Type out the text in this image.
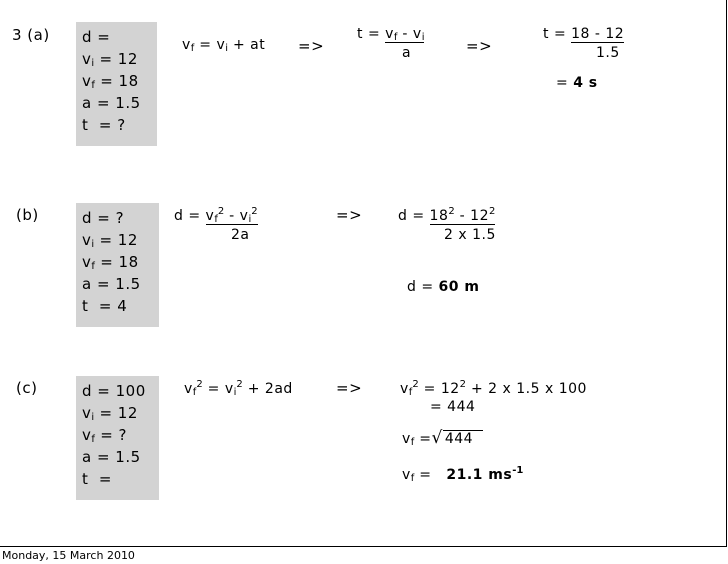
3 (a) d =
$v_i = 12$
$v_f = 18$
a = 1.5
t  = ?
$v_f = v_i$ + at =>
$t = v_f - v_i$
a	=>
t = 18 - 12
1.5
= 4 s
(b)	d = ?
$v_i = 12$
$v_f = 18$
a = 1.5
t  = 4
$d = v_f^2 - v_i^2$
2a
=>	$d = 18^2 - 12^2$
2 x 1.5
d = 60 m
(c)	d = 100
$v_i = 12$
$v_f$ = ?
a = 1.5
t  =
$v_f^2 = v_i^2 + 2ad$	=>	$v_f^2 = 12^2 + 2$ x 1.5 x 100
= 444
$v_f$ =√ 444
$v_f = 21.1$ $ms^{-1}$
Monday, 15 March 2010
